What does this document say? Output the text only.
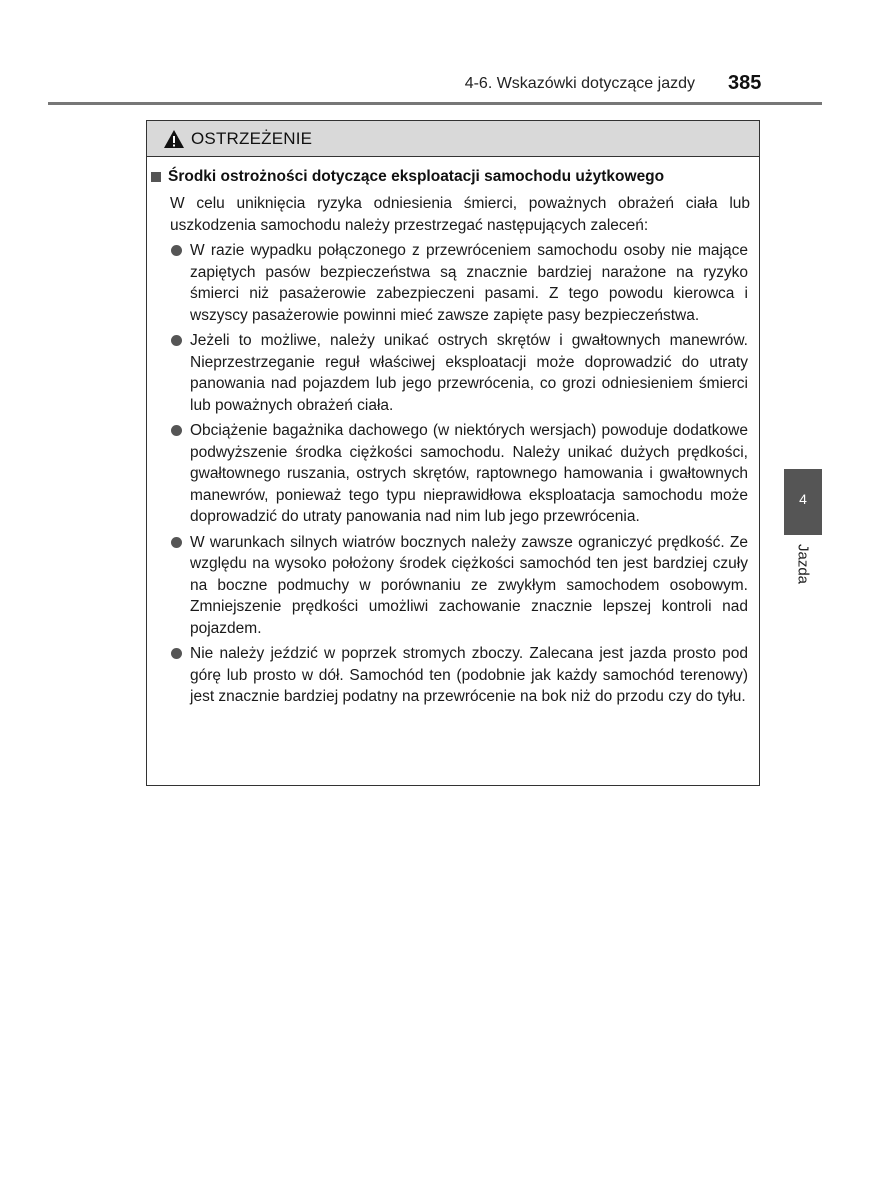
4-6. Wskazówki dotyczące jazdy 385
OSTRZEŻENIE
Środki ostrożności dotyczące eksploatacji samochodu użytkowego

W celu uniknięcia ryzyka odniesienia śmierci, poważnych obrażeń ciała lub uszkodzenia samochodu należy przestrzegać następujących zaleceń:

W razie wypadku połączonego z przewróceniem samochodu osoby nie mające zapiętych pasów bezpieczeństwa są znacznie bardziej narażone na ryzyko śmierci niż pasażerowie zabezpieczeni pasami. Z tego powodu kierowca i wszyscy pasażerowie powinni mieć zawsze zapięte pasy bezpieczeństwa.
Jeżeli to możliwe, należy unikać ostrych skrętów i gwałtownych manewrów. Nieprzestrzeganie reguł właściwej eksploatacji może doprowadzić do utraty panowania nad pojazdem lub jego przewrócenia, co grozi odniesieniem śmierci lub poważnych obrażeń ciała.
Obciążenie bagażnika dachowego (w niektórych wersjach) powoduje dodatkowe podwyższenie środka ciężkości samochodu. Należy unikać dużych prędkości, gwałtownego ruszania, ostrych skrętów, raptownego hamowania i gwałtownych manewrów, ponieważ tego typu nieprawidłowa eksploatacja samochodu może doprowadzić do utraty panowania nad nim lub jego przewrócenia.
W warunkach silnych wiatrów bocznych należy zawsze ograniczyć prędkość. Ze względu na wysoko położony środek ciężkości samochód ten jest bardziej czuły na boczne podmuchy w porównaniu ze zwykłym samochodem osobowym. Zmniejszenie prędkości umożliwi zachowanie znacznie lepszej kontroli nad pojazdem.
Nie należy jeździć w poprzek stromych zboczy. Zalecana jest jazda prosto pod górę lub prosto w dół. Samochód ten (podobnie jak każdy samochód terenowy) jest znacznie bardziej podatny na przewrócenie na bok niż do przodu czy do tyłu.
4
Jazda
